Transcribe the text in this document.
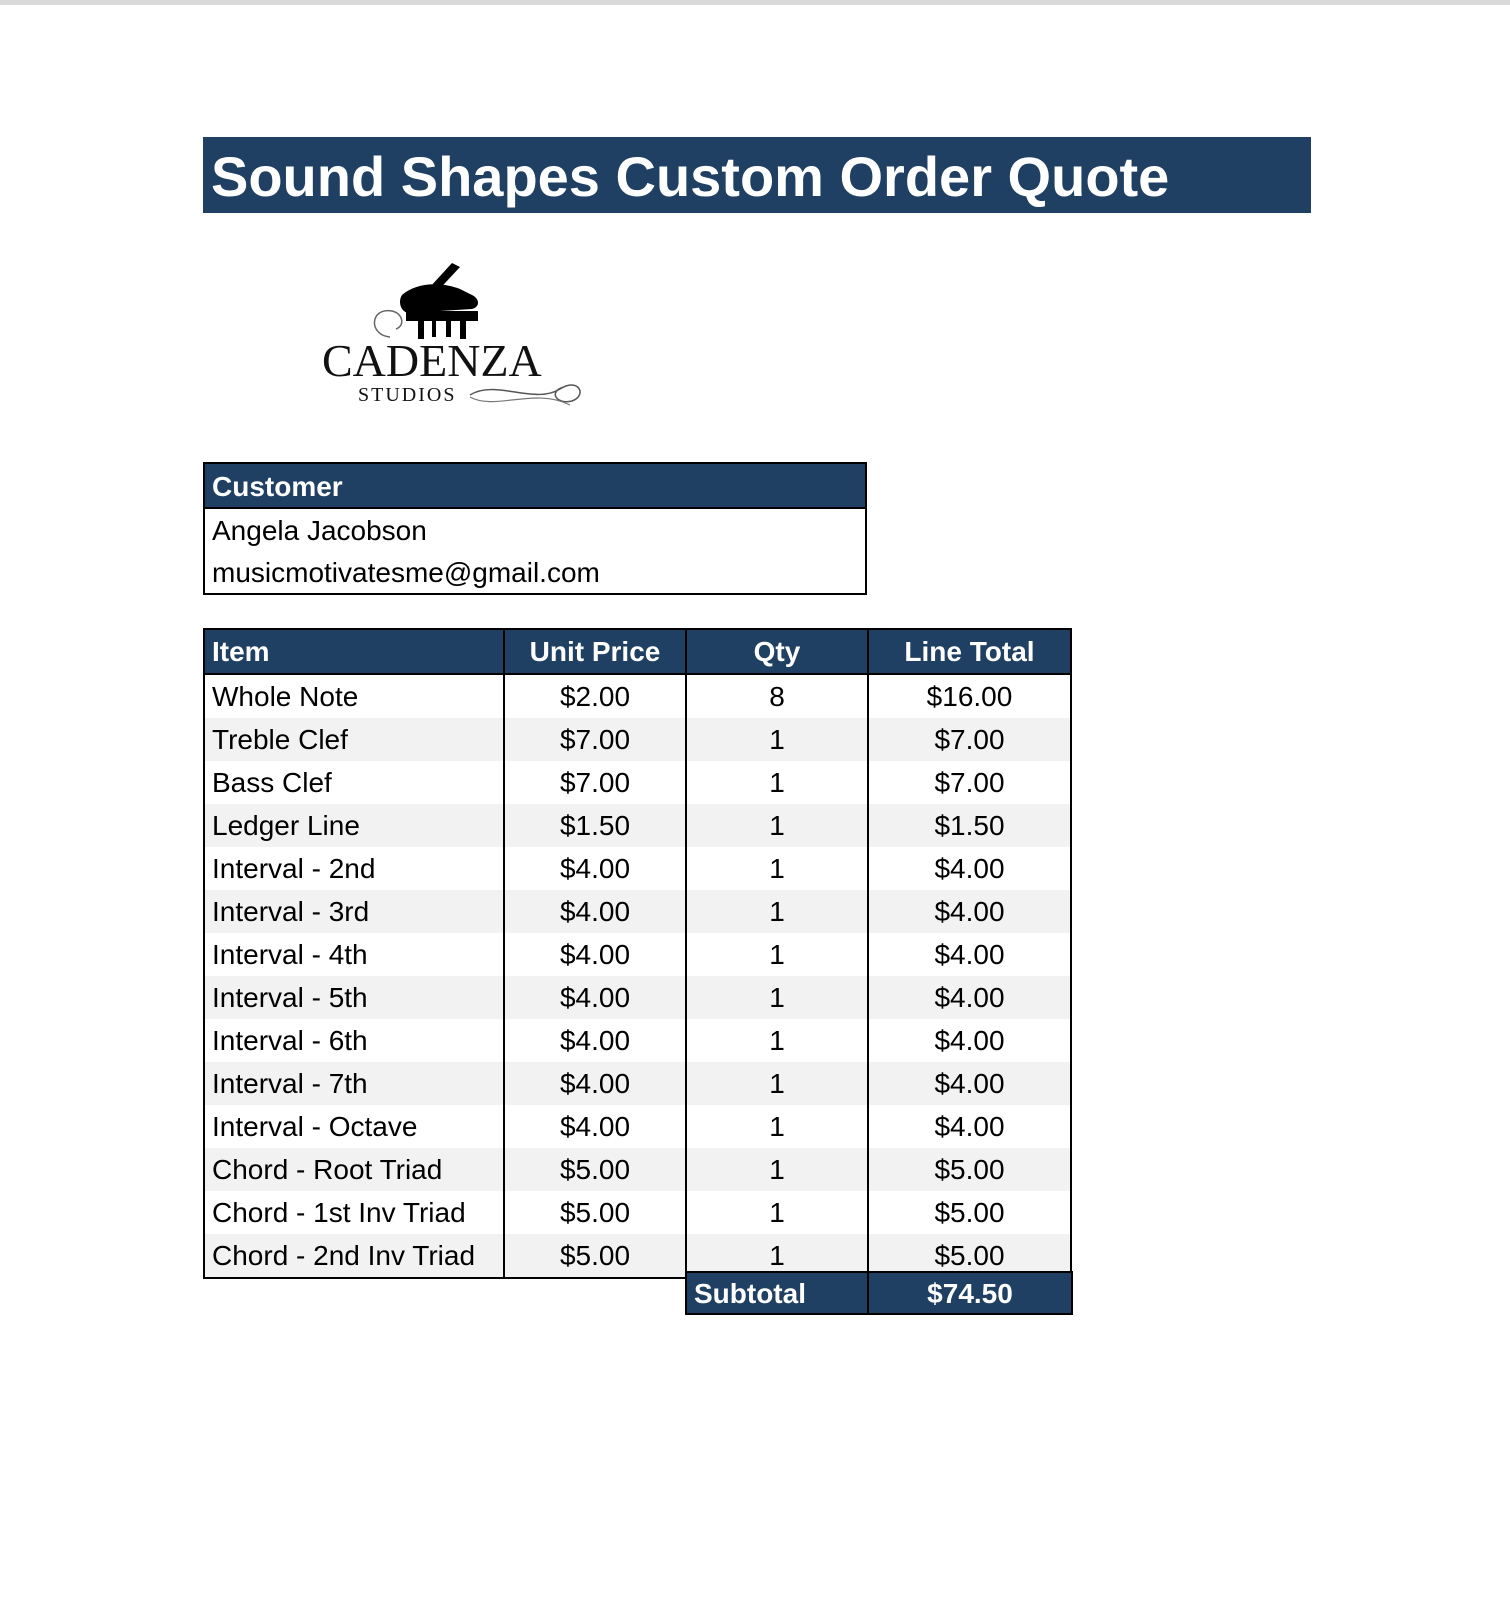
Sound Shapes Custom Order Quote
CADENZA
STUDIOS
Customer
Angela Jacobson
musicmotivatesme@gmail.com
Item	Unit Price	Qty	Line Total
Whole Note	$2.00	8	$16.00
Treble Clef	$7.00	1	$7.00
Bass Clef	$7.00	1	$7.00
Ledger Line	$1.50	1	$1.50
Interval - 2nd	$4.00	1	$4.00
Interval - 3rd	$4.00	1	$4.00
Interval - 4th	$4.00	1	$4.00
Interval - 5th	$4.00	1	$4.00
Interval - 6th	$4.00	1	$4.00
Interval - 7th	$4.00	1	$4.00
Interval - Octave	$4.00	1	$4.00
Chord - Root Triad	$5.00	1	$5.00
Chord - 1st Inv Triad	$5.00	1	$5.00
Chord - 2nd Inv Triad	$5.00	1	$5.00
Subtotal	$74.50
